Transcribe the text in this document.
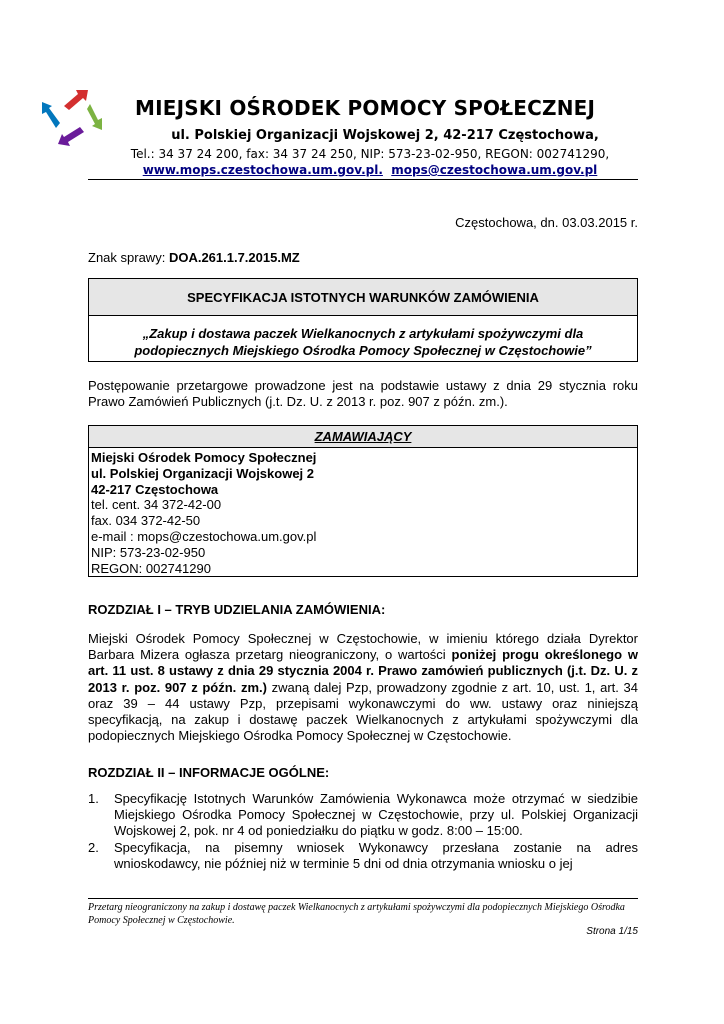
MIEJSKI OŚRODEK POMOCY SPOŁECZNEJ
ul. Polskiej Organizacji Wojskowej 2, 42-217 Częstochowa,
Tel.: 34 37 24 200, fax: 34 37 24 250, NIP: 573-23-02-950, REGON: 002741290,
www.mops.czestochowa.um.gov.pl. mops@czestochowa.um.gov.pl
Częstochowa, dn. 03.03.2015 r.
Znak sprawy: DOA.261.1.7.2015.MZ
SPECYFIKACJA ISTOTNYCH WARUNKÓW ZAMÓWIENIA
„Zakup i dostawa paczek Wielkanocnych z artykułami spożywczymi dla
podopiecznych Miejskiego Ośrodka Pomocy Społecznej w Częstochowie”
Postępowanie przetargowe prowadzone jest na podstawie ustawy z dnia 29 stycznia roku Prawo Zamówień Publicznych (j.t. Dz. U. z 2013 r. poz. 907 z późn. zm.).
ZAMAWIAJĄCY
Miejski Ośrodek Pomocy Społecznej
ul. Polskiej Organizacji Wojskowej 2
42-217 Częstochowa
tel. cent. 34 372-42-00
fax. 034 372-42-50
e-mail : mops@czestochowa.um.gov.pl
NIP: 573-23-02-950
REGON: 002741290
ROZDZIAŁ I – TRYB UDZIELANIA ZAMÓWIENIA:
Miejski Ośrodek Pomocy Społecznej w Częstochowie, w imieniu którego działa Dyrektor Barbara Mizera ogłasza przetarg nieograniczony, o wartości poniżej progu określonego w art. 11 ust. 8 ustawy z dnia 29 stycznia 2004 r. Prawo zamówień publicznych (j.t. Dz. U. z 2013 r. poz. 907 z późn. zm.) zwaną dalej Pzp, prowadzony zgodnie z art. 10, ust. 1, art. 34 oraz 39 – 44 ustawy Pzp, przepisami wykonawczymi do ww. ustawy oraz niniejszą specyfikacją, na zakup i dostawę paczek Wielkanocnych z artykułami spożywczymi dla podopiecznych Miejskiego Ośrodka Pomocy Społecznej w Częstochowie.
ROZDZIAŁ II – INFORMACJE OGÓLNE:
1. Specyfikację Istotnych Warunków Zamówienia Wykonawca może otrzymać w siedzibie Miejskiego Ośrodka Pomocy Społecznej w Częstochowie, przy ul. Polskiej Organizacji Wojskowej 2, pok. nr 4 od poniedziałku do piątku w godz. 8:00 – 15:00.
2. Specyfikacja, na pisemny wniosek Wykonawcy przesłana zostanie na adres wnioskodawcy, nie później niż w terminie 5 dni od dnia otrzymania wniosku o jej
Przetarg nieograniczony na zakup i dostawę paczek Wielkanocnych z artykułami spożywczymi dla podopiecznych Miejskiego Ośrodka Pomocy Społecznej w Częstochowie.
Strona 1/15
